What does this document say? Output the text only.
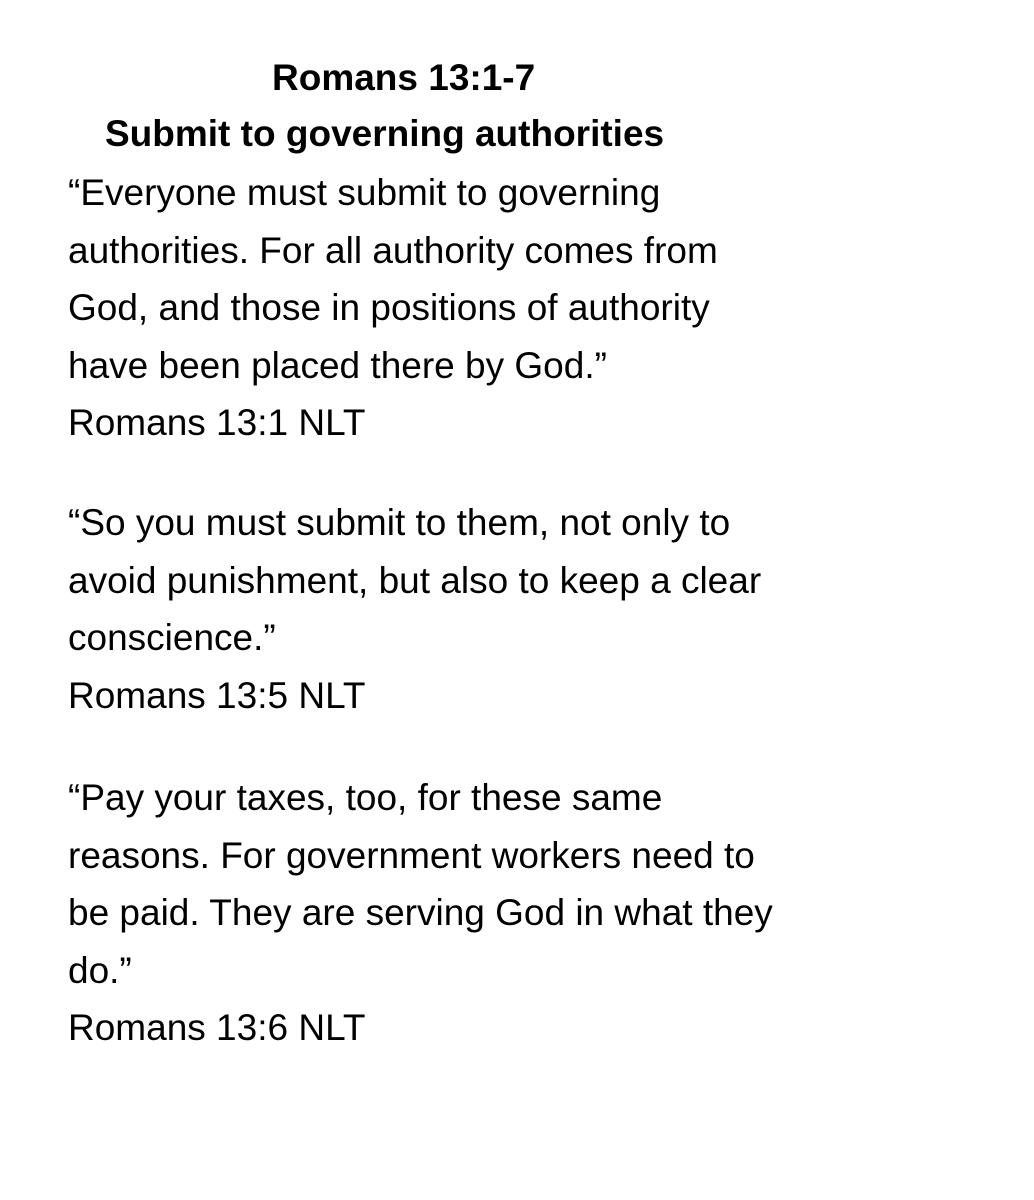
Romans 13:1-7
Submit to governing authorities
“Everyone must submit to governing
authorities. For all authority comes from
God, and those in positions of authority
have been placed there by God.”
Romans 13:1 NLT
“So you must submit to them, not only to
avoid punishment, but also to keep a clear
conscience.”
Romans 13:5 NLT
“Pay your taxes, too, for these same
reasons. For government workers need to
be paid. They are serving God in what they
do.”
Romans 13:6 NLT
